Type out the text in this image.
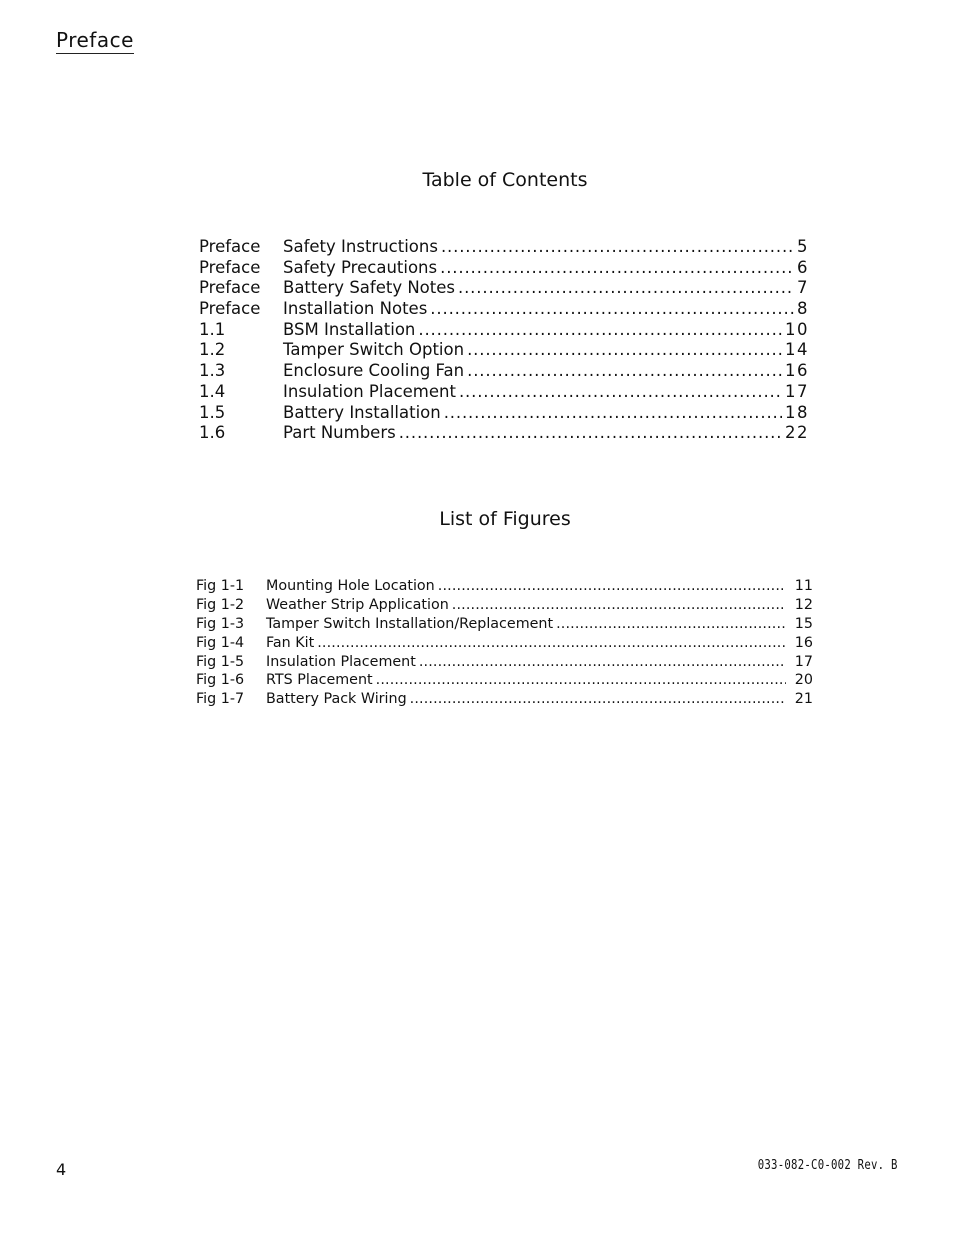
Preface
Table of Contents
Preface	Safety Instructions . . .	5
Preface	Safety Precautions . . .	6
Preface	Battery Safety Notes . . .	7
Preface	Installation Notes . . .	8
1.1	BSM Installation . . .	10
1.2	Tamper Switch Option . . .	14
1.3	Enclosure Cooling Fan . . .	16
1.4	Insulation Placement . . .	17
1.5	Battery Installation . . .	18
1.6	Part Numbers . . .	22
List of Figures
Fig 1-1	Mounting Hole Location . . .	11
Fig 1-2	Weather Strip Application . . .	12
Fig 1-3	Tamper Switch Installation/Replacement . . .	15
Fig 1-4	Fan Kit . . .	16
Fig 1-5	Insulation Placement . . .	17
Fig 1-6	RTS Placement . . .	20
Fig 1-7	Battery Pack Wiring . . .	21
4	033-082-C0-002 Rev. B
